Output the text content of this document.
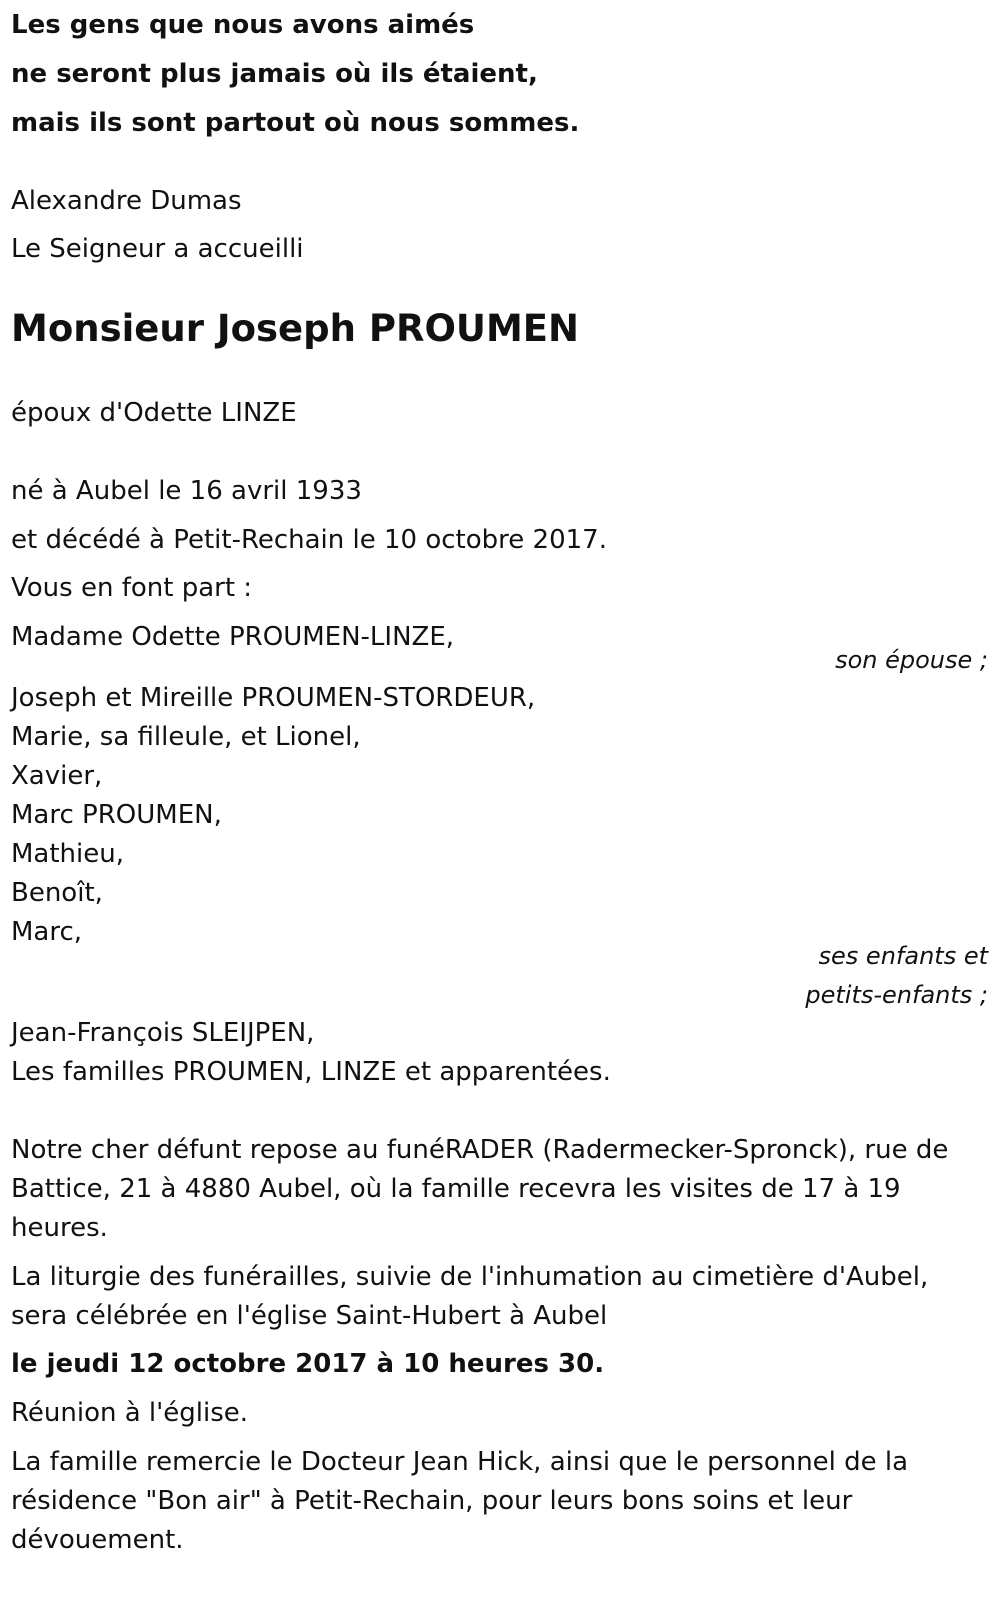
Les gens que nous avons aimés
ne seront plus jamais où ils étaient,
mais ils sont partout où nous sommes.
Alexandre Dumas
Le Seigneur a accueilli
Monsieur Joseph PROUMEN
époux d'Odette LINZE
né à Aubel le 16 avril 1933
et décédé à Petit-Rechain le 10 octobre 2017.
Vous en font part :
Madame Odette PROUMEN-LINZE,
son épouse ;
Joseph et Mireille PROUMEN-STORDEUR,
Marie, sa filleule, et Lionel,
Xavier,
Marc PROUMEN,
Mathieu,
Benoît,
Marc,
ses enfants et
petits-enfants ;
Jean-François SLEIJPEN,
Les familles PROUMEN, LINZE et apparentées.
Notre cher défunt repose au funéRADER (Radermecker-Spronck), rue de
Battice, 21 à 4880 Aubel, où la famille recevra les visites de 17 à 19
heures.
La liturgie des funérailles, suivie de l'inhumation au cimetière d'Aubel,
sera célébrée en l'église Saint-Hubert à Aubel
le jeudi 12 octobre 2017 à 10 heures 30.
Réunion à l'église.
La famille remercie le Docteur Jean Hick, ainsi que le personnel de la
résidence "Bon air" à Petit-Rechain, pour leurs bons soins et leur
dévouement.
